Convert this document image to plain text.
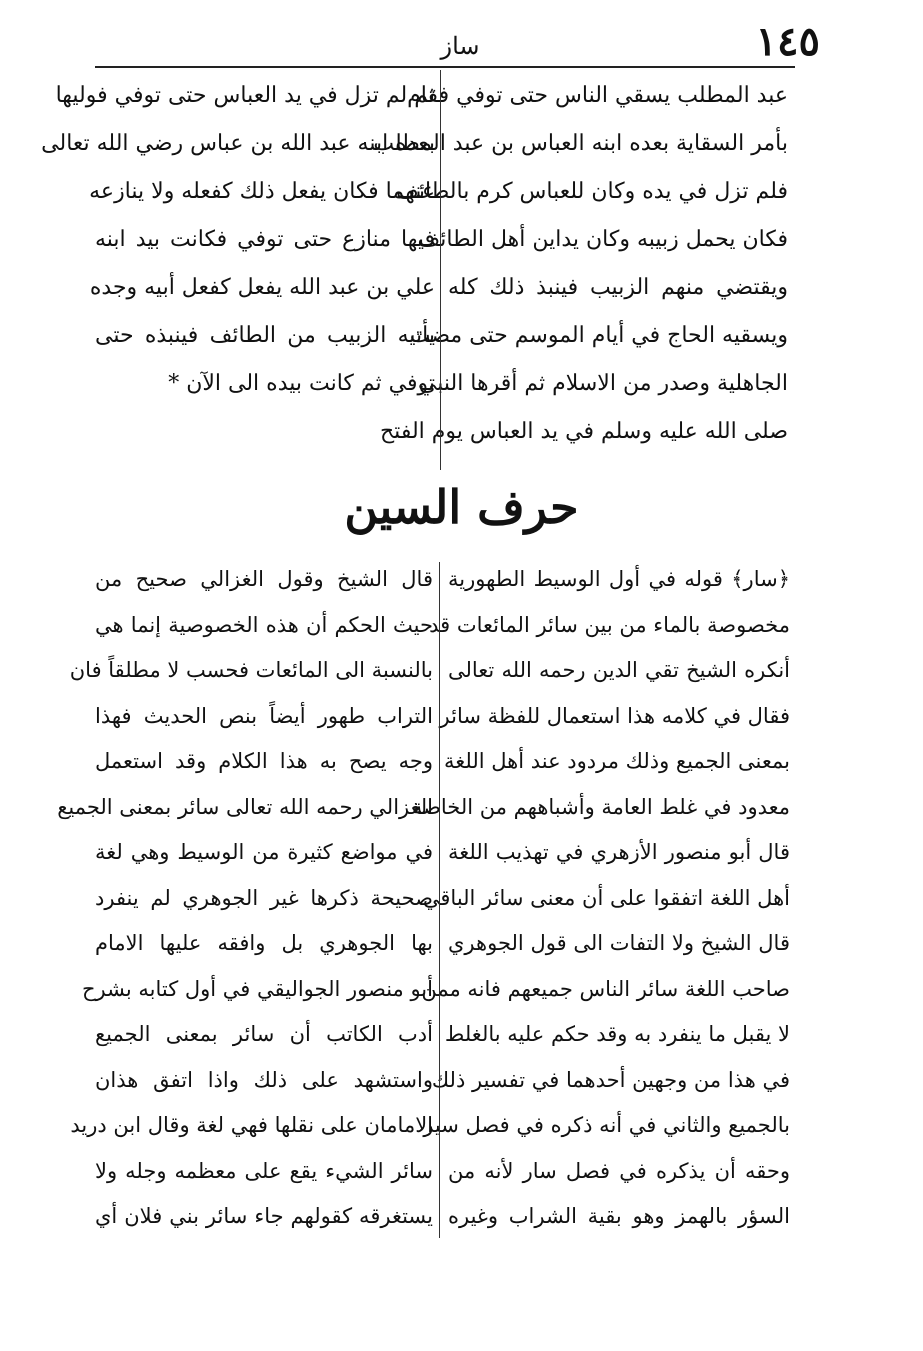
١٤٥
ساز
عبد المطلب يسقي الناس حتى توفي فقام
بأمر السقاية بعده ابنه العباس بن عبد المطلب
فلم تزل في يده وكان للعباس كرم بالطائف
فكان يحمل زبيبه وكان يداين أهل الطائف
ويقتضي منهم الزبيب فينبذ ذلك كله
ويسقيه الحاج في أيام الموسم حتى مضت
الجاهلية وصدر من الاسلام ثم أقرها النبي
صلى الله عليه وسلم في يد العباس يوم الفتح
ثم لم تزل في يد العباس حتى توفي فوليها
بعده ابنه عبد الله بن عباس رضي الله تعالى
عنهما فكان يفعل ذلك كفعله ولا ينازعه
فيها منازع حتى توفي فكانت بيد ابنه
علي بن عبد الله يفعل كفعل أبيه وجده
يأتيه الزبيب من الطائف فينبذه حتى
توفي ثم كانت بيده الى الآن *
حرف السين
﴿سار﴾ قوله في أول الوسيط الطهورية
مخصوصة بالماء من بين سائر المائعات قد
أنكره الشيخ تقي الدين رحمه الله تعالى
فقال في كلامه هذا استعمال للفظة سائر
بمعنى الجميع وذلك مردود عند أهل اللغة
معدود في غلط العامة وأشباههم من الخاصة
قال أبو منصور الأزهري في تهذيب اللغة
أهل اللغة اتفقوا على أن معنى سائر الباقي
قال الشيخ ولا التفات الى قول الجوهري
صاحب اللغة سائر الناس جميعهم فانه ممن
لا يقبل ما ينفرد به وقد حكم عليه بالغلط
في هذا من وجهين أحدهما في تفسير ذلك
بالجميع والثاني في أنه ذكره في فصل سير
وحقه أن يذكره في فصل سار لأنه من
السؤر بالهمز وهو بقية الشراب وغيره
قال الشيخ وقول الغزالي صحيح من
حيث الحكم أن هذه الخصوصية إنما هي
بالنسبة الى المائعات فحسب لا مطلقاً فان
التراب طهور أيضاً بنص الحديث فهذا
وجه يصح به هذا الكلام وقد استعمل
الغزالي رحمه الله تعالى سائر بمعنى الجميع
في مواضع كثيرة من الوسيط وهي لغة
صحيحة ذكرها غير الجوهري لم ينفرد
بها الجوهري بل وافقه عليها الامام
أبو منصور الجواليقي في أول كتابه بشرح
أدب الكاتب أن سائر بمعنى الجميع
واستشهد على ذلك واذا اتفق هذان
الامامان على نقلها فهي لغة وقال ابن دريد
سائر الشيء يقع على معظمه وجله ولا
يستغرقه كقولهم جاء سائر بني فلان أي
